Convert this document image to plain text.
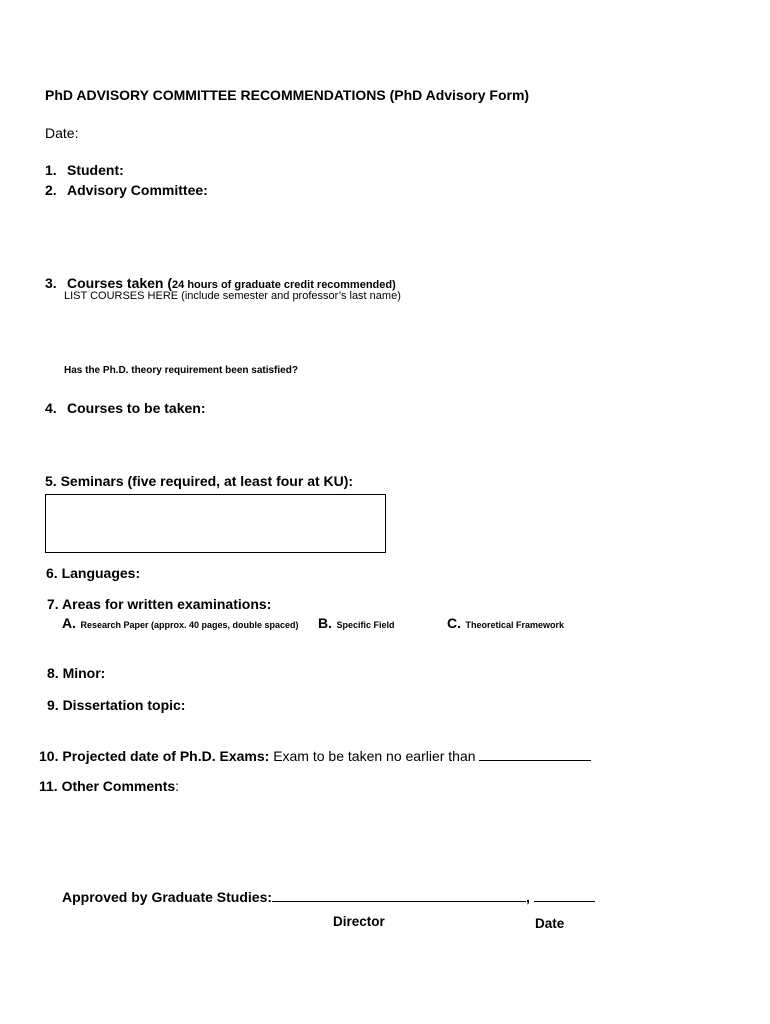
PhD ADVISORY COMMITTEE RECOMMENDATIONS (PhD Advisory Form)
Date:
1. Student:
2. Advisory Committee:
3. Courses taken (24 hours of graduate credit recommended)
LIST COURSES HERE (include semester and professor’s last name)
Has the Ph.D. theory requirement been satisfied?
4. Courses to be taken:
5. Seminars (five required, at least four at KU):
6. Languages:
7. Areas for written examinations:
A. Research Paper (approx. 40 pages, double spaced) B. Specific Field	C. Theoretical Framework
8. Minor:
9. Dissertation topic:
10. Projected date of Ph.D. Exams: Exam to be taken no earlier than
11. Other Comments:
Approved by Graduate Studies:	,
Director	Date
